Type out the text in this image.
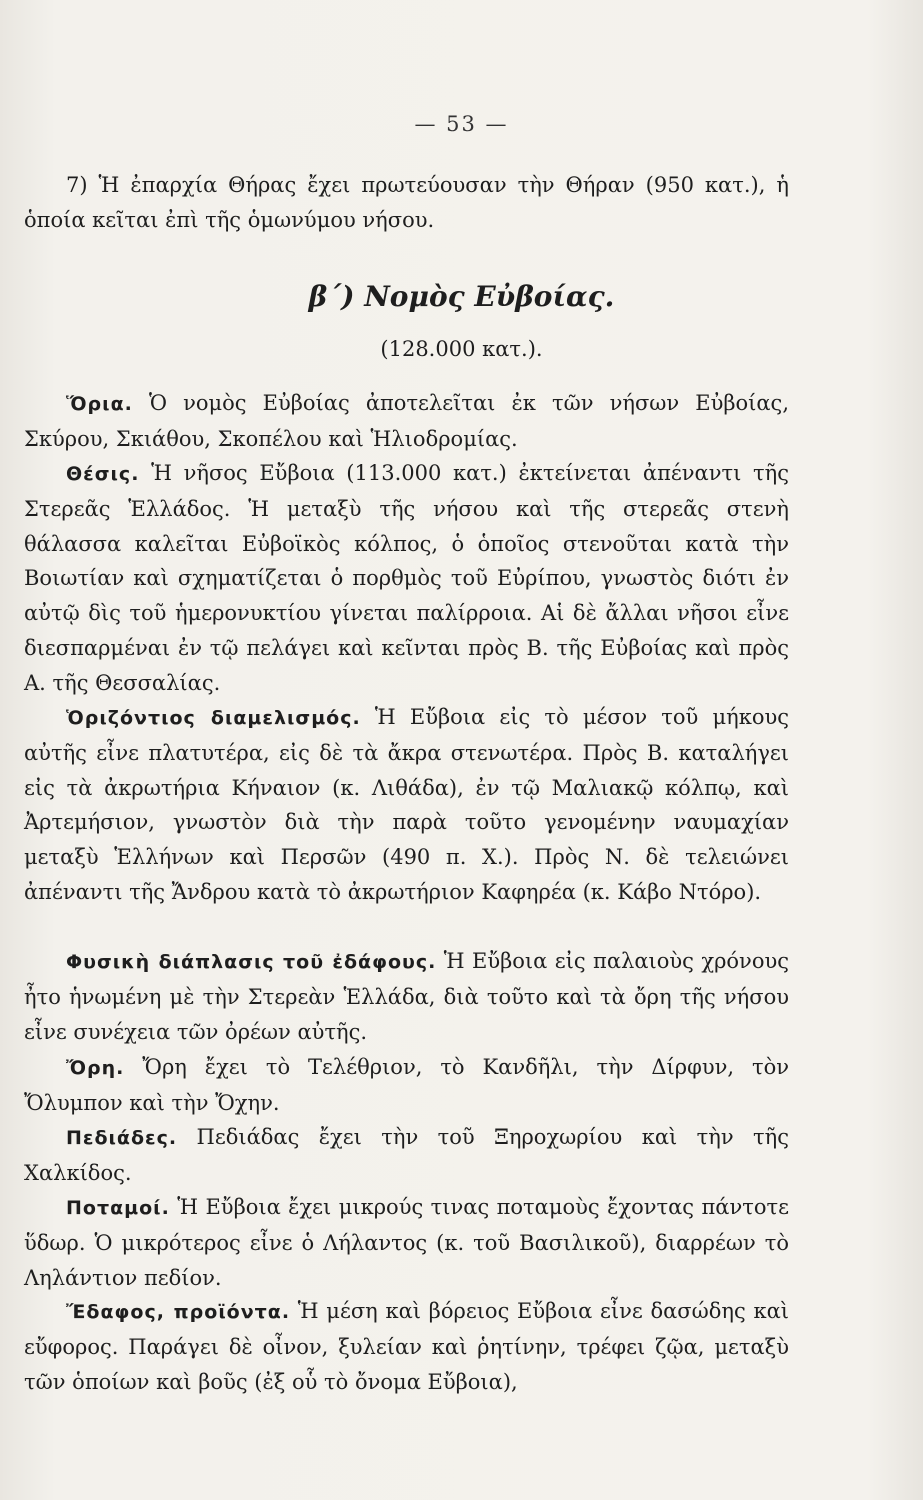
— 53 —

7) Ἡ ἐπαρχία Θήρας ἔχει πρωτεύουσαν τὴν Θήραν (950 κατ.), ἡ ὁποία κεῖται ἐπὶ τῆς ὁμωνύμου νήσου.

β΄) Νομὸς Εὐβοίας.
(128.000 κατ.).

Ὅρια. Ὁ νομὸς Εὐβοίας ἀποτελεῖται ἐκ τῶν νήσων Εὐβοίας, Σκύρου, Σκιάθου, Σκοπέλου καὶ Ἡλιοδρομίας.

Θέσις. Ἡ νῆσος Εὔβοια (113.000 κατ.) ἐκτείνεται ἀπέναντι τῆς Στερεᾶς Ἑλλάδος. Ἡ μεταξὺ τῆς νήσου καὶ τῆς στερεᾶς στενὴ θάλασσα καλεῖται Εὐβοϊκὸς κόλπος, ὁ ὁποῖος στενοῦται κατὰ τὴν Βοιωτίαν καὶ σχηματίζεται ὁ πορθμὸς τοῦ Εὐρίπου, γνωστὸς διότι ἐν αὐτῷ δὶς τοῦ ἡμερονυκτίου γίνεται παλίρροια. Αἱ δὲ ἄλλαι νῆσοι εἶνε διεσπαρμέναι ἐν τῷ πελάγει καὶ κεῖνται πρὸς Β. τῆς Εὐβοίας καὶ πρὸς Α. τῆς Θεσσαλίας.

Ὁριζόντιος διαμελισμός. Ἡ Εὔβοια εἰς τὸ μέσον τοῦ μήκους αὐτῆς εἶνε πλατυτέρα, εἰς δὲ τὰ ἄκρα στενωτέρα. Πρὸς Β. καταλήγει εἰς τὰ ἀκρωτήρια Κήναιον (κ. Λιθάδα), ἐν τῷ Μαλιακῷ κόλπῳ, καὶ Ἀρτεμήσιον, γνωστὸν διὰ τὴν παρὰ τοῦτο γενομένην ναυμαχίαν μεταξὺ Ἑλλήνων καὶ Περσῶν (490 π. Χ.). Πρὸς Ν. δὲ τελειώνει ἀπέναντι τῆς Ἄνδρου κατὰ τὸ ἀκρωτήριον Καφηρέα (κ. Κάβο Ντόρο).

Φυσικὴ διάπλασις τοῦ ἐδάφους. Ἡ Εὔβοια εἰς παλαιοὺς χρόνους ἦτο ἡνωμένη μὲ τὴν Στερεὰν Ἑλλάδα, διὰ τοῦτο καὶ τὰ ὄρη τῆς νήσου εἶνε συνέχεια τῶν ὀρέων αὐτῆς.

Ὄρη. Ὄρη ἔχει τὸ Τελέθριον, τὸ Κανδῆλι, τὴν Δίρφυν, τὸν Ὄλυμπον καὶ τὴν Ὄχην.

Πεδιάδες. Πεδιάδας ἔχει τὴν τοῦ Ξηροχωρίου καὶ τὴν τῆς Χαλκίδος.

Ποταμοί. Ἡ Εὔβοια ἔχει μικρούς τινας ποταμοὺς ἔχοντας πάντοτε ὕδωρ. Ὁ μικρότερος εἶνε ὁ Λήλαντος (κ. τοῦ Βασιλικοῦ), διαρρέων τὸ Ληλάντιον πεδίον.

Ἔδαφος, προϊόντα. Ἡ μέση καὶ βόρειος Εὔβοια εἶνε δασώδης καὶ εὔφορος. Παράγει δὲ οἶνον, ξυλείαν καὶ ῥητίνην, τρέφει ζῷα, μεταξὺ τῶν ὁποίων καὶ βοῦς (ἐξ οὗ τὸ ὄνομα Εὔβοια),
